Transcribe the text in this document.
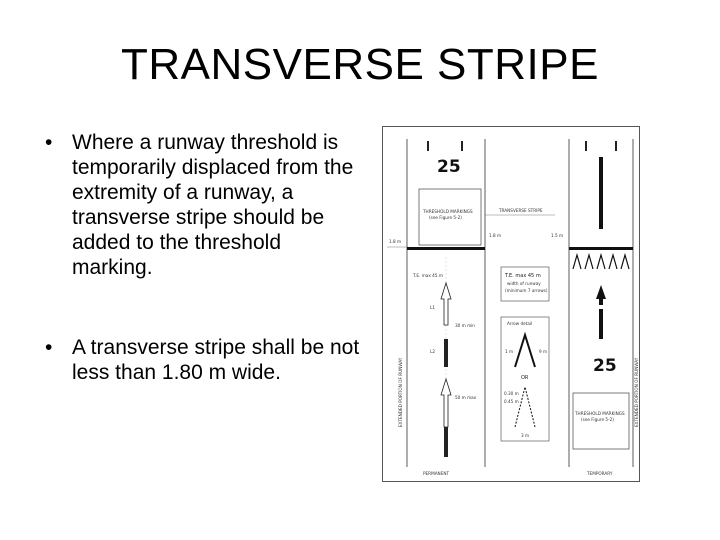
TRANSVERSE STRIPE
• Where a runway threshold is temporarily displaced from the extremity of a runway, a transverse stripe should be added to the threshold marking.
• A transverse stripe shall be not less than 1.80 m wide.
25
THRESHOLD MARKINGS
(see Figure 5-2)
1.8 m
T.E. max 45 m
30 m min
50 m max
L1
L2
EXTENDED PORTION OF RUNWAY
PERMANENT
TRANSVERSE STRIPE
1.8 m	1.5 m
T.E. max 45 m
width of runway
(minimum 7 arrows)
Arrow detail
9 m
1 m
OR
0.30 m
0.45 m
3 m
25
THRESHOLD MARKINGS
(see Figure 5-2)	EXTENDED PORTION OF RUNWAY
TEMPORARY
